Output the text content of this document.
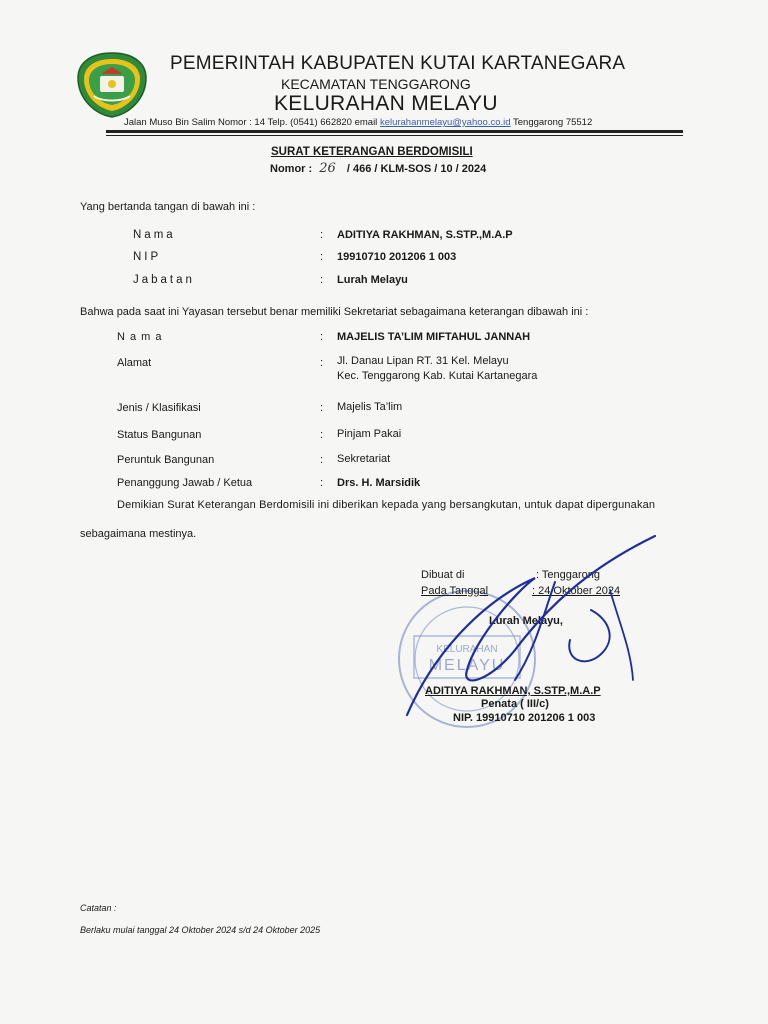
PEMERINTAH KABUPATEN KUTAI KARTANEGARA
KECAMATAN TENGGARONG
KELURAHAN MELAYU
Jalan Muso Bin Salim Nomor : 14 Telp. (0541) 662820 email kelurahanmelayu@yahoo.co.id Tenggarong 75512
SURAT KETERANGAN BERDOMISILI
Nomor : 26 / 466 / KLM-SOS / 10 / 2024
Yang bertanda tangan di bawah ini :
Nama	: ADITIYA RAKHMAN, S.STP.,M.A.P
NIP	: 19910710 201206 1 003
Jabatan	: Lurah Melayu
Bahwa pada saat ini Yayasan tersebut benar memiliki Sekretariat sebagaimana keterangan dibawah ini :
N a m a	: MAJELIS TA’LIM MIFTAHUL JANNAH
Alamat	: Jl. Danau Lipan RT. 31 Kel. Melayu
Kec. Tenggarong Kab. Kutai Kartanegara
Jenis / Klasifikasi	: Majelis Ta’lim
Status Bangunan	: Pinjam Pakai
Peruntuk Bangunan	: Sekretariat
Penanggung Jawab / Ketua	: Drs. H. Marsidik
Demikian Surat Keterangan Berdomisili ini diberikan kepada yang bersangkutan, untuk dapat dipergunakan
sebagaimana mestinya.
KELURAHAN
MELAYU
Dibuat di	: Tenggarong
Pada Tanggal	: 24 Oktober 2024
Lurah Melayu,
ADITIYA RAKHMAN, S.STP.,M.A.P
Penata ( III/c)
NIP. 19910710 201206 1 003
Catatan :
Berlaku mulai tanggal 24 Oktober 2024 s/d 24 Oktober 2025
